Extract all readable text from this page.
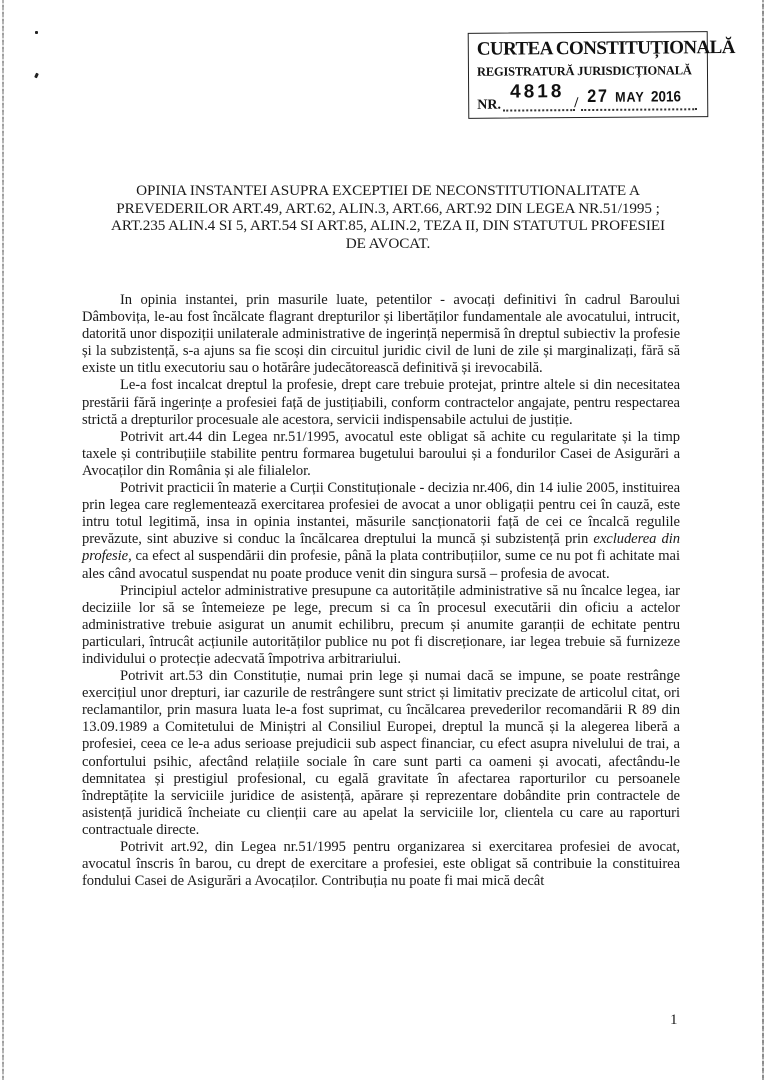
CURTEA CONSTITUȚIONALĂ
REGISTRATURĂ JURISDICȚIONALĂ
NR.
4818
/ 27 MAY 2016
OPINIA INSTANTEI ASUPRA EXCEPTIEI DE NECONSTITUTIONALITATE A
PREVEDERILOR ART.49, ART.62, ALIN.3, ART.66, ART.92 DIN LEGEA NR.51/1995 ;
ART.235 ALIN.4 SI 5, ART.54 SI ART.85, ALIN.2, TEZA II, DIN STATUTUL PROFESIEI
DE AVOCAT.

In opinia instantei, prin masurile luate, petentilor - avocați definitivi în cadrul Baroului Dâmbovița, le-au fost încălcate flagrant drepturilor și libertăților fundamentale ale avocatului, intrucit, datorită unor dispoziții unilaterale administrative de ingerință nepermisă în dreptul subiectiv la profesie și la subzistență, s-a ajuns sa fie scoși din circuitul juridic civil de luni de zile și marginalizați, fără să existe un titlu executoriu sau o hotărâre judecătorească definitivă și irevocabilă.

Le-a fost incalcat dreptul la profesie, drept care trebuie protejat, printre altele si din necesitatea prestării fără ingerințe a profesiei față de justițiabili, conform contractelor angajate, pentru respectarea strictă a drepturilor procesuale ale acestora, servicii indispensabile actului de justiție.

Potrivit art.44 din Legea nr.51/1995, avocatul este obligat să achite cu regularitate și la timp taxele și contribuțiile stabilite pentru formarea bugetului baroului și a fondurilor Casei de Asigurări a Avocaților din România și ale filialelor.

Potrivit practicii în materie a Curții Constituționale - decizia nr.406, din 14 iulie 2005, instituirea prin legea care reglementează exercitarea profesiei de avocat a unor obligații pentru cei în cauză, este intru totul legitimă, insa in opinia instantei, măsurile sancționatorii față de cei ce încalcă regulile prevăzute, sint abuzive si conduc la încălcarea dreptului la muncă și subzistență prin excluderea din profesie, ca efect al suspendării din profesie, până la plata contribuțiilor, sume ce nu pot fi achitate mai ales când avocatul suspendat nu poate produce venit din singura sursă – profesia de avocat.

Principiul actelor administrative presupune ca autoritățile administrative să nu încalce legea, iar deciziile lor să se întemeieze pe lege, precum si ca în procesul executării din oficiu a actelor administrative trebuie asigurat un anumit echilibru, precum și anumite garanții de echitate pentru particulari, întrucât acțiunile autorităților publice nu pot fi discreționare, iar legea trebuie să furnizeze individului o protecție adecvată împotriva arbitrariului.

Potrivit art.53 din Constituție, numai prin lege și numai dacă se impune, se poate restrânge exercițiul unor drepturi, iar cazurile de restrângere sunt strict și limitativ precizate de articolul citat, ori reclamantilor, prin masura luata le-a fost suprimat, cu încălcarea prevederilor recomandării R 89 din 13.09.1989 a Comitetului de Miniștri al Consiliul Europei, dreptul la muncă și la alegerea liberă a profesiei, ceea ce le-a adus serioase prejudicii sub aspect financiar, cu efect asupra nivelului de trai, a confortului psihic, afectând relațiile sociale în care sunt parti ca oameni și avocati, afectându-le demnitatea și prestigiul profesional, cu egală gravitate în afectarea raporturilor cu persoanele îndreptățite la serviciile juridice de asistență, apărare și reprezentare dobândite prin contractele de asistență juridică încheiate cu clienții care au apelat la serviciile lor, clientela cu care au raporturi contractuale directe.

Potrivit art.92, din Legea nr.51/1995 pentru organizarea si exercitarea profesiei de avocat, avocatul înscris în barou, cu drept de exercitare a profesiei, este obligat să contribuie la constituirea fondului Casei de Asigurări a Avocaților. Contribuția nu poate fi mai mică decât

1
